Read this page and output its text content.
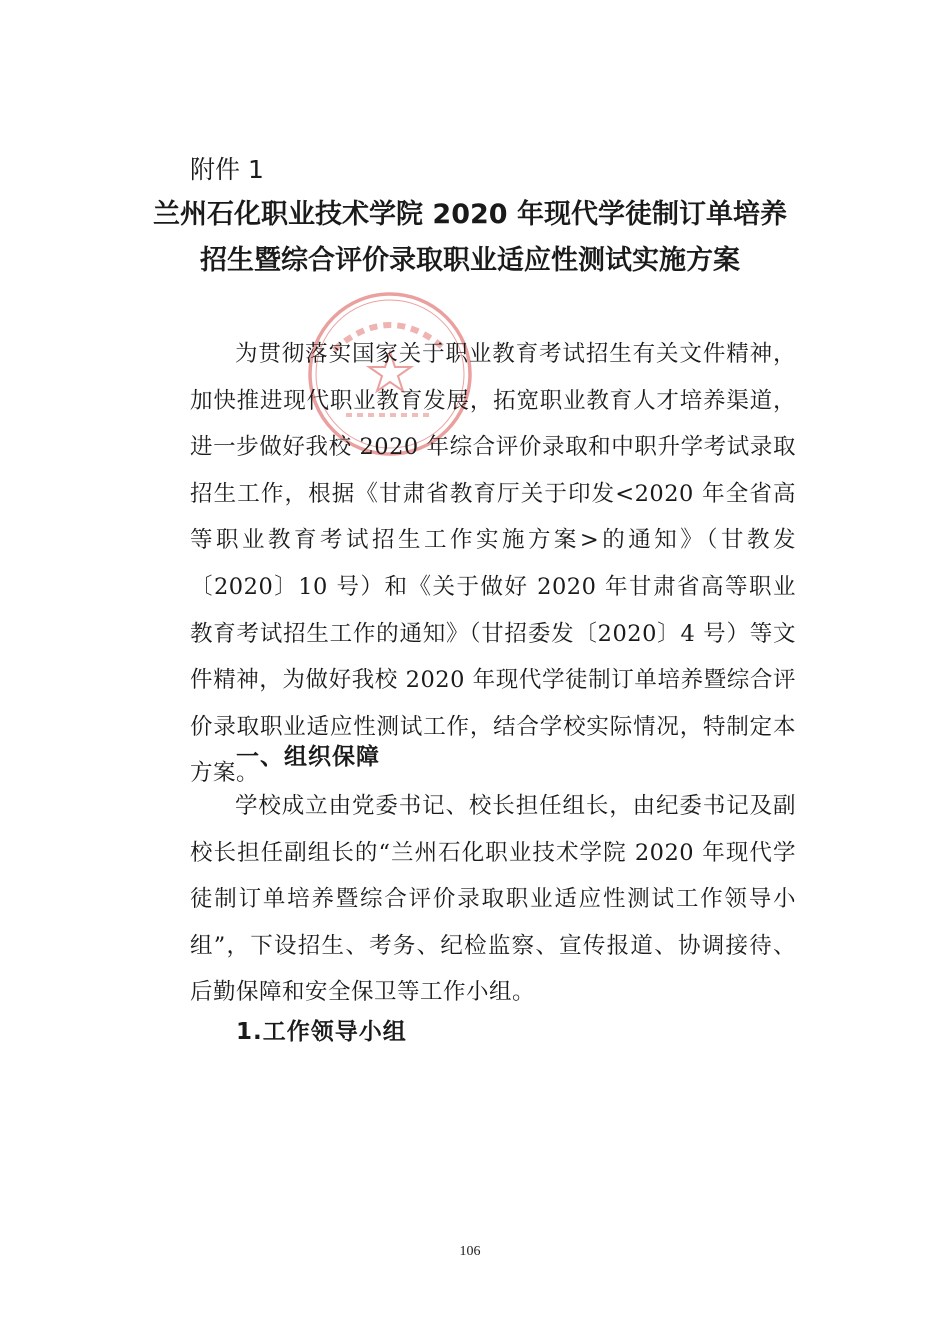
附件 1
兰州石化职业技术学院 2020 年现代学徒制订单培养
招生暨综合评价录取职业适应性测试实施方案
为贯彻落实国家关于职业教育考试招生有关文件精神，加快推进现代职业教育发展，拓宽职业教育人才培养渠道，进一步做好我校 2020 年综合评价录取和中职升学考试录取招生工作，根据《甘肃省教育厅关于印发<2020 年全省高等职业教育考试招生工作实施方案>的通知》（甘教发〔2020〕10 号）和《关于做好 2020 年甘肃省高等职业教育考试招生工作的通知》（甘招委发〔2020〕4 号）等文件精神，为做好我校 2020 年现代学徒制订单培养暨综合评价录取职业适应性测试工作，结合学校实际情况，特制定本方案。
一、组织保障
学校成立由党委书记、校长担任组长，由纪委书记及副校长担任副组长的“兰州石化职业技术学院 2020 年现代学徒制订单培养暨综合评价录取职业适应性测试工作领导小组”，下设招生、考务、纪检监察、宣传报道、协调接待、后勤保障和安全保卫等工作小组。
1.工作领导小组
106
